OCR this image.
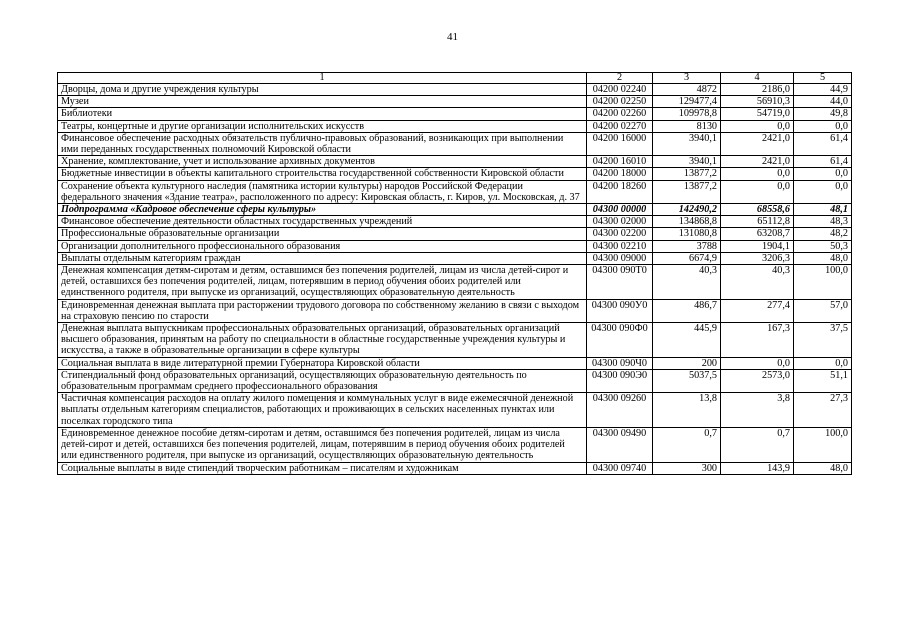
41
1	2	3	4	5
Дворцы, дома и другие учреждения культуры	04200 02240	4872	2186,0	44,9
Музеи	04200 02250	129477,4	56910,3	44,0
Библиотеки	04200 02260	109978,8	54719,0	49,8
Театры, концертные и другие организации исполнительских искусств	04200 02270	8130	0,0	0,0
Финансовое обеспечение расходных обязательств публично-правовых образований, возникающих при выполнении ими переданных государственных полномочий Кировской области	04200 16000	3940,1	2421,0	61,4
Хранение, комплектование, учет и использование архивных документов	04200 16010	3940,1	2421,0	61,4
Бюджетные инвестиции в объекты капитального строительства государственной собственности Кировской области	04200 18000	13877,2	0,0	0,0
Сохранение объекта культурного наследия (памятника истории культуры) народов Российской Федерации федерального значения «Здание театра», расположенного по адресу: Кировская область, г. Киров, ул. Московская, д. 37	04200 18260	13877,2	0,0	0,0
Подпрограмма «Кадровое обеспечение сферы культуры»	04300 00000	142490,2	68558,6	48,1
Финансовое обеспечение деятельности областных государственных учреждений	04300 02000	134868,8	65112,8	48,3
Профессиональные образовательные организации	04300 02200	131080,8	63208,7	48,2
Организации дополнительного профессионального образования	04300 02210	3788	1904,1	50,3
Выплаты отдельным категориям граждан	04300 09000	6674,9	3206,3	48,0
Денежная компенсация детям-сиротам и детям, оставшимся без попечения родителей, лицам из числа детей-сирот и детей, оставшихся без попечения родителей, лицам, потерявшим в период обучения обоих родителей или единственного родителя, при выпуске из организаций, осуществляющих образовательную деятельность	04300 090Т0	40,3	40,3	100,0
Единовременная денежная выплата при расторжении трудового договора по собственному желанию в связи с выходом на страховую пенсию по старости	04300 090У0	486,7	277,4	57,0
Денежная выплата выпускникам профессиональных образовательных организаций, образовательных организаций высшего образования, принятым на работу по специальности в областные государственные учреждения культуры и искусства, а также в образовательные организации в сфере культуры	04300 090Ф0	445,9	167,3	37,5
Социальная выплата в виде литературной премии Губернатора Кировской области	04300 090Ч0	200	0,0	0,0
Стипендиальный фонд образовательных организаций, осуществляющих образовательную деятельность по образовательным программам среднего профессионального образования	04300 090Э0	5037,5	2573,0	51,1
Частичная компенсация расходов на оплату жилого помещения и коммунальных услуг в виде ежемесячной денежной выплаты отдельным категориям специалистов, работающих и проживающих в сельских населенных пунктах или поселках городского типа	04300 09260	13,8	3,8	27,3
Единовременное денежное пособие детям-сиротам и детям, оставшимся без попечения родителей, лицам из числа детей-сирот и детей, оставшихся без попечения родителей, лицам, потерявшим в период обучения обоих родителей или единственного родителя, при выпуске из организаций, осуществляющих образовательную деятельность	04300 09490	0,7	0,7	100,0
Социальные выплаты в виде стипендий творческим работникам – писателям и художникам	04300 09740	300	143,9	48,0
